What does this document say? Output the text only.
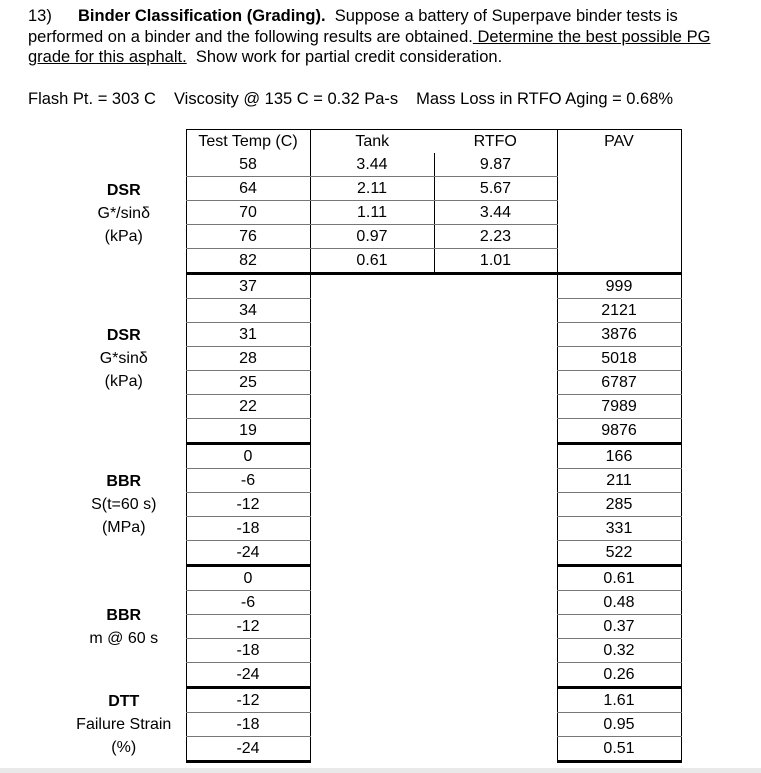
13) Binder Classification (Grading). Suppose a battery of Superpave binder tests is performed on a binder and the following results are obtained. Determine the best possible PG grade for this asphalt. Show work for partial credit consideration.
Flash Pt. = 303 C Viscosity @ 135 C = 0.32 Pa-s Mass Loss in RTFO Aging = 0.68%
	Test Temp (C)	Tank	RTFO	PAV

DSR
G*/sinδ
(kPa)	58	3.44	9.87	
	64	2.11	5.67	
	70	1.11	3.44	
	76	0.97	2.23	
	82	0.61	1.01	

DSR
G*sinδ
(kPa)	37			999
	34			2121
	31			3876
	28			5018
	25			6787
	22			7989
	19			9876

BBR
S(t=60 s)
(MPa)	0			166
	-6			211
	-12			285
	-18			331
	-24			522

BBR
m @ 60 s	0			0.61
	-6			0.48
	-12			0.37
	-18			0.32
	-24			0.26

DTT
Failure Strain
(%)	-12			1.61
	-18			0.95
	-24			0.51
